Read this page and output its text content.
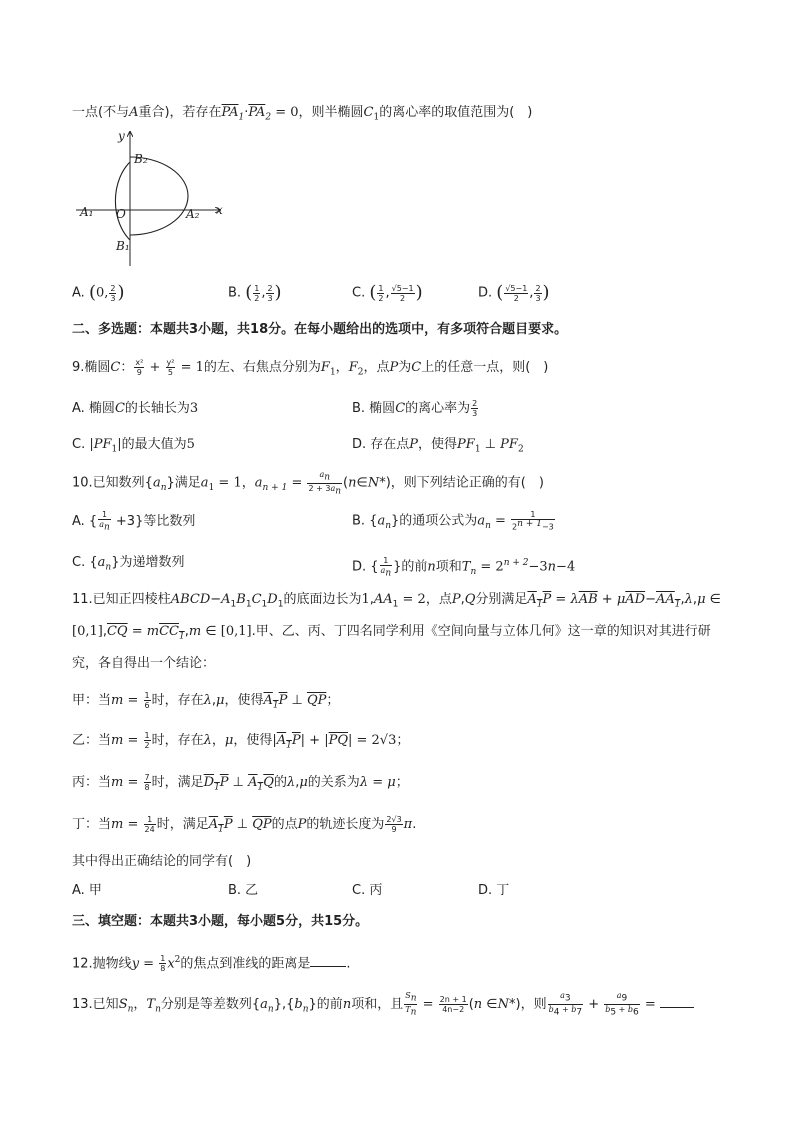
一点(不与A重合)，若存在$\overline{PA}_1\cdot\overline{PA}_2 = 0$，则半椭圆$C_1$的离心率的取值范围为(　)
y
x
B₂
B₁
A₁	A₂
O
A. (0, $\frac{2}{3}$ )	B. ( $\frac{1}{2}$ , $\frac{2}{3}$ )	C. ( $\frac{1}{2}$ , $\frac{√5-1}{2}$ )	D. ( $\frac{√5-1}{2}$ , $\frac{2}{3}$ )
二、多选题：本题共3小题，共18分。在每小题给出的选项中，有多项符合题目要求。
9.椭圆C： $\frac{\text{x²}}{9} + \frac{\text{y²}}{5} = 1$的左、右焦点分别为$F_1$，$F_2$，点P为C上的任意一点，则(　)
A. 椭圆C的长轴长为3	B. 椭圆C的离心率为 $\frac{2}{3}$
C. $|PF_1|$的最大值为5	D. 存在点P，使得$PF_1$ ⊥ $PF_2$
10.已知数列$\{a_n\}$满足$a_1 = 1$，$a_{n + 1} = \frac{a_n}{2 + 3a_n}$ (n∈N*)，则下列结论正确的有(　)
A. { $\frac{1}{a_n} +3$}等比数列	B. $\{a_n\}$的通项公式为$a_n = \frac{1}{2^{n + 1}-3}$
C. $\{a_n\}$为递增数列	D. { $\frac{1}{a_n}$ }的前n项和$T_n = 2^{n + 2}-3n-4$
11.已知正四棱柱$ABCD-A_1B_1C_1D_1$的底面边长为$1,AA_1 = 2$，点P,Q分别满足$A_1P = \lambda\overline{AB} + \mu\overline{AD}-AA_1,\lambda,\mu$ ∈
$[0,1],\overline{CQ} = mCC_1,m$ ∈ [0,1].甲、乙、丙、丁四名同学利用《空间向量与立体几何》这一章的知识对其进行研
究，各自得出一个结论：
甲：当$m = \frac{1}{6}$ 时，存在λ,μ，使得$A_1P$ ⊥ $\overline{QP}$；
乙：当$m = \frac{1}{2}$ 时，存在λ，μ，使得$|A_1P| + |\overline{PQ}| = 2√3$；
丙：当$m = \frac{7}{8}$ 时，满足$D_1P$ ⊥ $A_1Q$的λ,μ的关系为λ = μ；
丁：当$m = \frac{1}{24}$ 时，满足$A_1P$ ⊥ $\overline{QP}$的点P的轨迹长度为 $\frac{2√3}{9} \pi$.
其中得出正确结论的同学有(　)
A. 甲	B. 乙	C. 丙	D. 丁
三、填空题：本题共3小题，每小题5分，共15分。
12.抛物线$y = \frac{1}{8} x^2$的焦点到准线的距离是	.
13.已知$S_n$，$T_n$分别是等差数列$\{a_n\},\{b_n\}$的前n项和，且 $\frac{S_n}{T_n} = \frac{2n + 1}{4n-2} (n$ ∈N*)，则 $\frac{a_3}{b_4 + b_7} + \frac{a_9}{b_5 + b_6}$ =
